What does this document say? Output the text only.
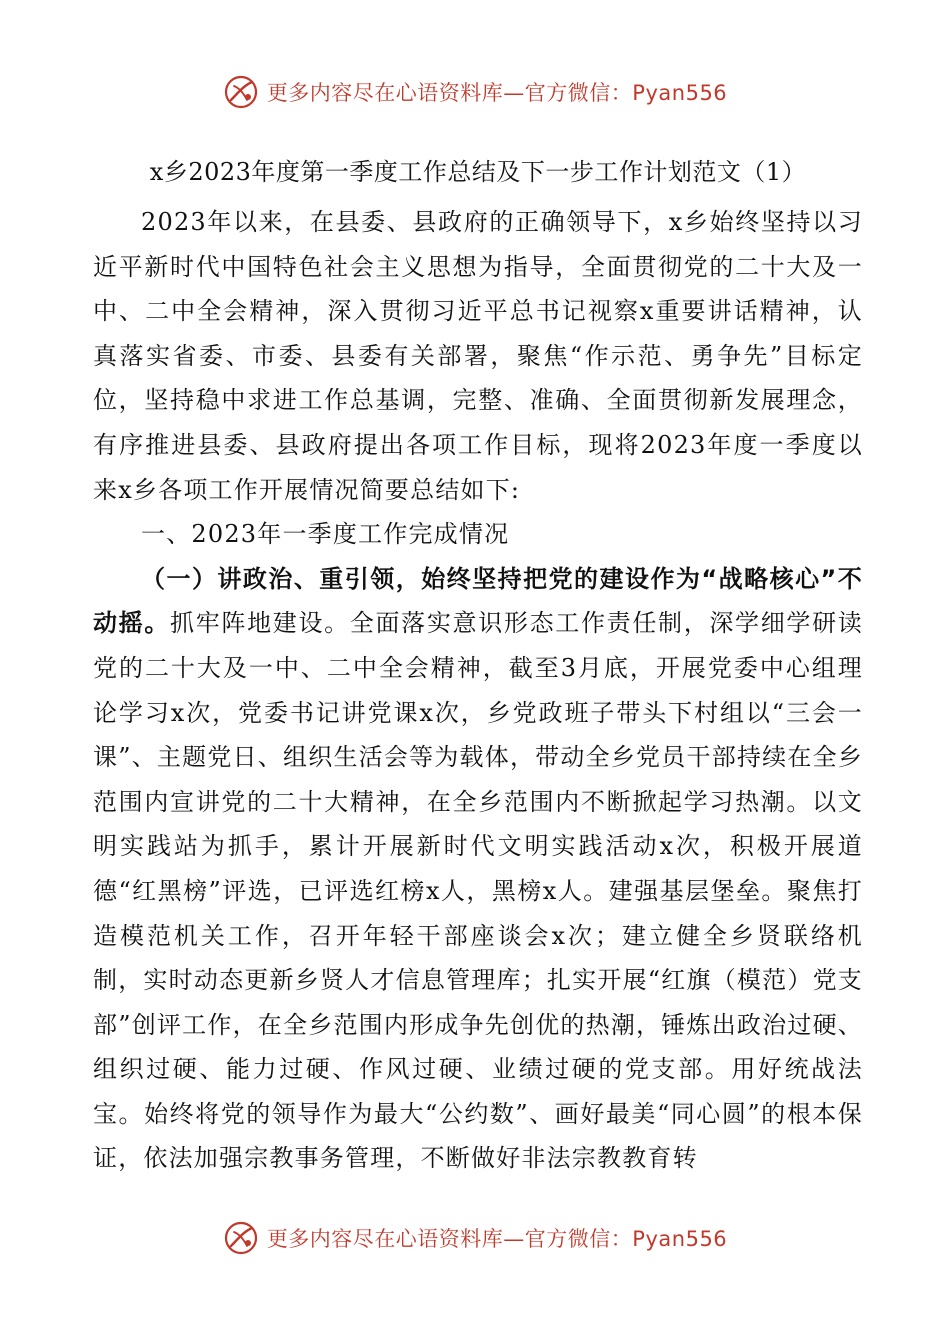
更多内容尽在心语资料库—官方微信：Pyan556
x乡2023年度第一季度工作总结及下一步工作计划范文（1）

2023年以来，在县委、县政府的正确领导下，x乡始终坚持以习近平新时代中国特色社会主义思想为指导，全面贯彻党的二十大及一中、二中全会精神，深入贯彻习近平总书记视察x重要讲话精神，认真落实省委、市委、县委有关部署，聚焦“作示范、勇争先”目标定位，坚持稳中求进工作总基调，完整、准确、全面贯彻新发展理念，有序推进县委、县政府提出各项工作目标，现将2023年度一季度以来x乡各项工作开展情况简要总结如下:

一、2023年一季度工作完成情况

（一）讲政治、重引领，始终坚持把党的建设作为“战略核心”不动摇。抓牢阵地建设。全面落实意识形态工作责任制，深学细学研读党的二十大及一中、二中全会精神，截至3月底，开展党委中心组理论学习x次，党委书记讲党课x次，乡党政班子带头下村组以“三会一课”、主题党日、组织生活会等为载体，带动全乡党员干部持续在全乡范围内宣讲党的二十大精神，在全乡范围内不断掀起学习热潮。以文明实践站为抓手，累计开展新时代文明实践活动x次，积极开展道德“红黑榜”评选，已评选红榜x人，黑榜x人。建强基层堡垒。聚焦打造模范机关工作，召开年轻干部座谈会x次；建立健全乡贤联络机制，实时动态更新乡贤人才信息管理库；扎实开展“红旗（模范）党支部”创评工作，在全乡范围内形成争先创优的热潮，锤炼出政治过硬、组织过硬、能力过硬、作风过硬、业绩过硬的党支部。用好统战法宝。始终将党的领导作为最大“公约数”、画好最美“同心圆”的根本保证，依法加强宗教事务管理，不断做好非法宗教教育转

更多内容尽在心语资料库—官方微信：Pyan556
